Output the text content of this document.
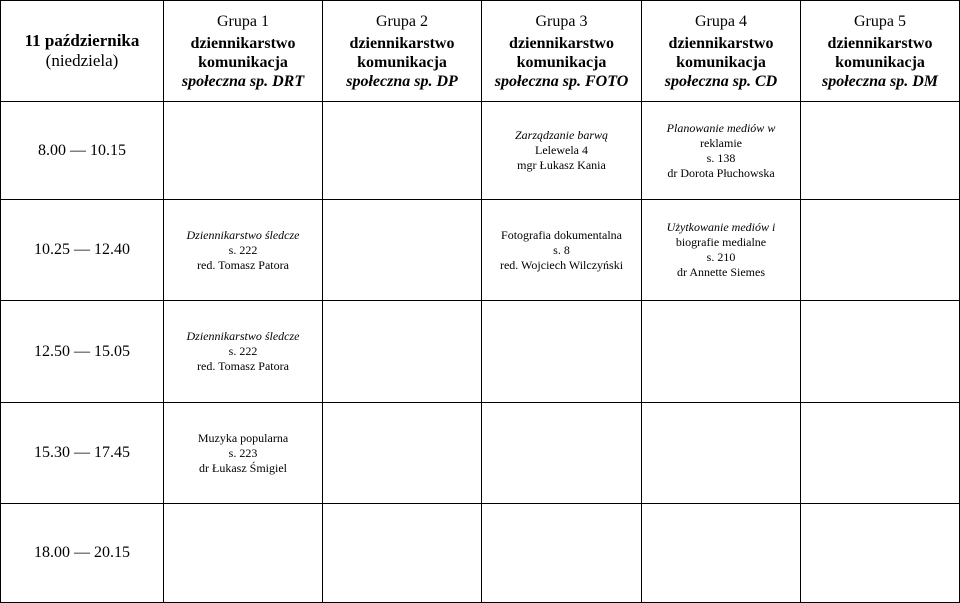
11 października
(niedziela)	Grupa 1
dziennikarstwo
komunikacja
społeczna sp. DRT	Grupa 2
dziennikarstwo
komunikacja
społeczna sp. DP	Grupa 3
dziennikarstwo
komunikacja
społeczna sp. FOTO	Grupa 4
dziennikarstwo
komunikacja
społeczna sp. CD	Grupa 5
dziennikarstwo
komunikacja
społeczna sp. DM

8.00 — 10.15			Zarządzanie barwą
Lelewela 4
mgr Łukasz Kania	Planowanie mediów w
reklamie
s. 138
dr Dorota Płuchowska	

10.25 — 12.40	Dziennikarstwo śledcze
s. 222
red. Tomasz Patora		Fotografia dokumentalna
s. 8
red. Wojciech Wilczyński	Użytkowanie mediów i
biografie medialne
s. 210
dr Annette Siemes	

12.50 — 15.05	Dziennikarstwo śledcze
s. 222
red. Tomasz Patora				

15.30 — 17.45	Muzyka popularna
s. 223
dr Łukasz Śmigiel				

18.00 — 20.15					
